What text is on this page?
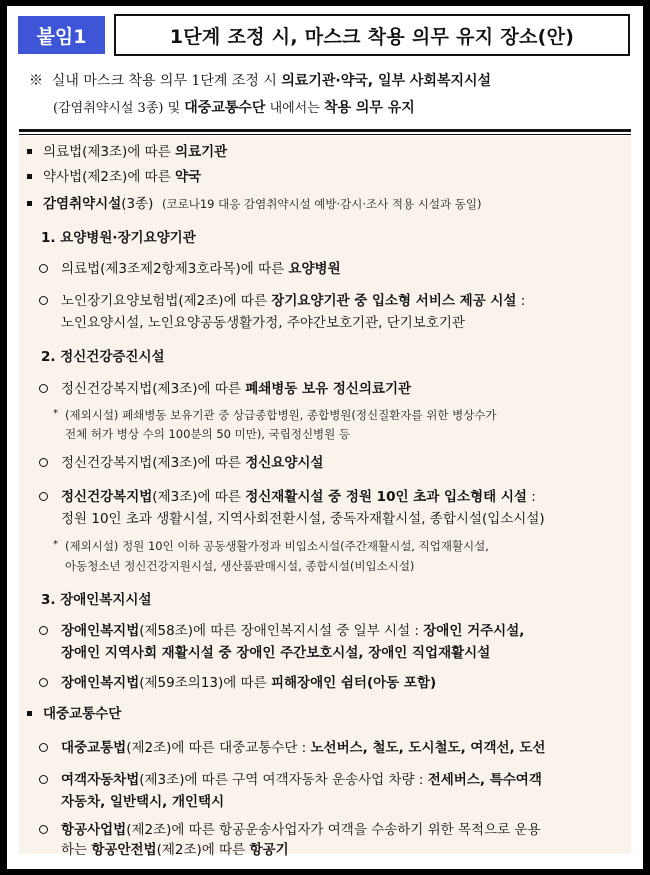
붙임1	1단계 조정 시, 마스크 착용 의무 유지 장소(안)
※ 실내 마스크 착용 의무 1단계 조정 시 의료기관·약국, 일부 사회복지시설
(감염취약시설 3종) 및 대중교통수단 내에서는 착용 의무 유지
의료법(제3조)에 따른 의료기관
약사법(제2조)에 따른 약국
감염취약시설(3종) (코로나19 대응 감염취약시설 예방·감시·조사 적용 시설과 동일)
1. 요양병원·장기요양기관
의료법(제3조제2항제3호라목)에 따른 요양병원
노인장기요양보험법(제2조)에 따른 장기요양기관 중 입소형 서비스 제공 시설 :
노인요양시설, 노인요양공동생활가정, 주야간보호기관, 단기보호기관
2. 정신건강증진시설
정신건강복지법(제3조)에 따른 폐쇄병동 보유 정신의료기관
* (제외시설) 폐쇄병동 보유기관 중 상급종합병원, 종합병원(정신질환자를 위한 병상수가
전체 허가 병상 수의 100분의 50 미만), 국립정신병원 등
정신건강복지법(제3조)에 따른 정신요양시설
정신건강복지법(제3조)에 따른 정신재활시설 중 정원 10인 초과 입소형태 시설 :
정원 10인 초과 생활시설, 지역사회전환시설, 중독자재활시설, 종합시설(입소시설)
* (제외시설) 정원 10인 이하 공동생활가정과 비입소시설(주간재활시설, 직업재활시설,
아동청소년 정신건강지원시설, 생산품판매시설, 종합시설(비입소시설)
3. 장애인복지시설
장애인복지법(제58조)에 따른 장애인복지시설 중 일부 시설 : 장애인 거주시설,
장애인 지역사회 재활시설 중 장애인 주간보호시설, 장애인 직업재활시설
장애인복지법(제59조의13)에 따른 피해장애인 쉼터(아동 포함)
대중교통수단
대중교통법(제2조)에 따른 대중교통수단 : 노선버스, 철도, 도시철도, 여객선, 도선
여객자동차법(제3조)에 따른 구역 여객자동차 운송사업 차량 : 전세버스, 특수여객
자동차, 일반택시, 개인택시
항공사업법(제2조)에 따른 항공운송사업자가 여객을 수송하기 위한 목적으로 운용
하는 항공안전법(제2조)에 따른 항공기
